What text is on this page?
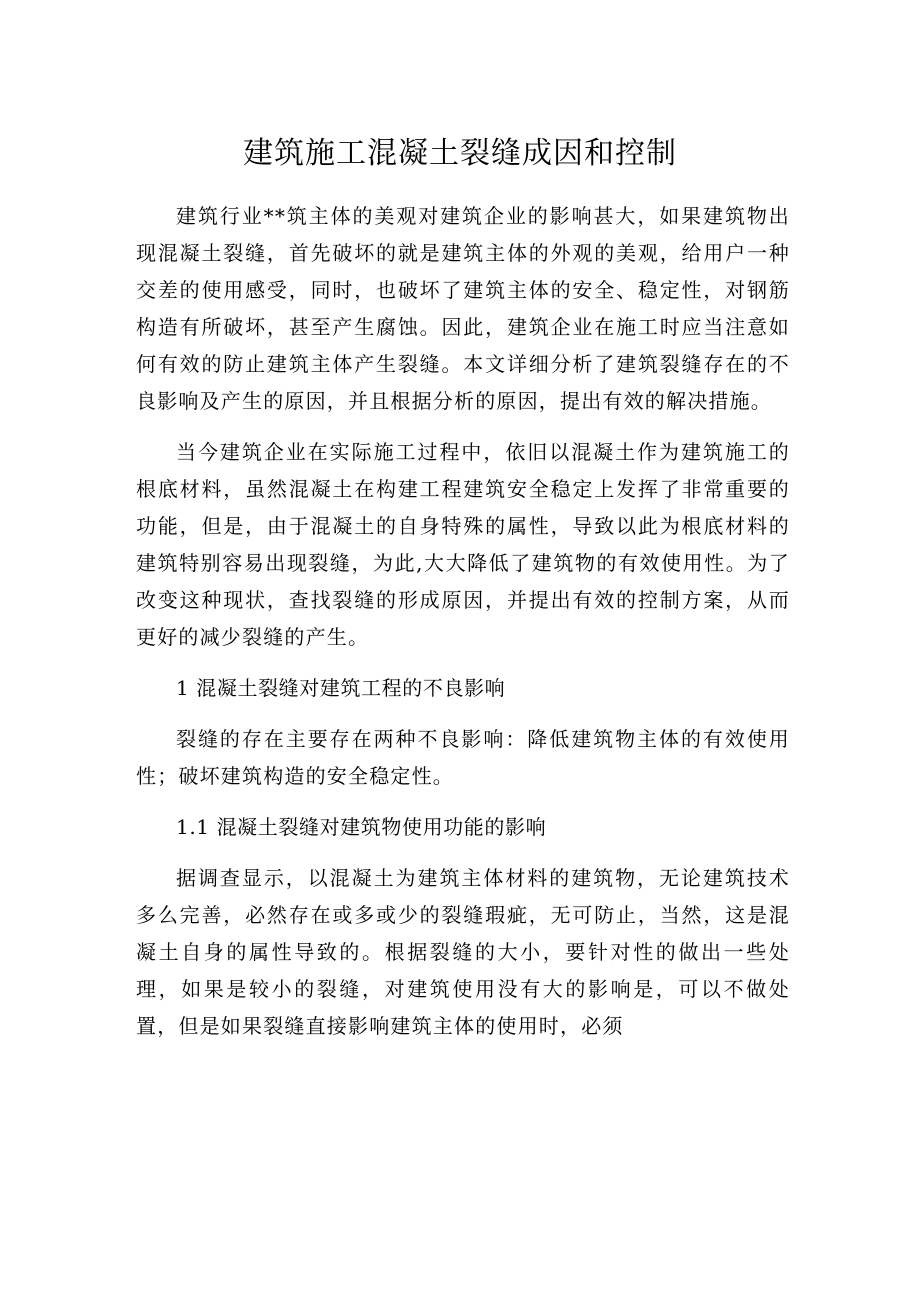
建筑施工混凝土裂缝成因和控制

建筑行业**筑主体的美观对建筑企业的影响甚大，如果建筑物出现混凝土裂缝，首先破坏的就是建筑主体的外观的美观，给用户一种交差的使用感受，同时，也破坏了建筑主体的安全、稳定性，对钢筋构造有所破坏，甚至产生腐蚀。因此，建筑企业在施工时应当注意如何有效的防止建筑主体产生裂缝。本文详细分析了建筑裂缝存在的不良影响及产生的原因，并且根据分析的原因，提出有效的解决措施。

当今建筑企业在实际施工过程中，依旧以混凝土作为建筑施工的根底材料，虽然混凝土在构建工程建筑安全稳定上发挥了非常重要的功能，但是，由于混凝土的自身特殊的属性，导致以此为根底材料的建筑特别容易出现裂缝，为此,大大降低了建筑物的有效使用性。为了改变这种现状，查找裂缝的形成原因，并提出有效的控制方案，从而更好的减少裂缝的产生。

1 混凝土裂缝对建筑工程的不良影响

裂缝的存在主要存在两种不良影响：降低建筑物主体的有效使用性；破坏建筑构造的安全稳定性。

1.1 混凝土裂缝对建筑物使用功能的影响

据调查显示，以混凝土为建筑主体材料的建筑物，无论建筑技术多么完善，必然存在或多或少的裂缝瑕疵，无可防止，当然，这是混凝土自身的属性导致的。根据裂缝的大小，要针对性的做出一些处理，如果是较小的裂缝，对建筑使用没有大的影响是，可以不做处置，但是如果裂缝直接影响建筑主体的使用时，必须
